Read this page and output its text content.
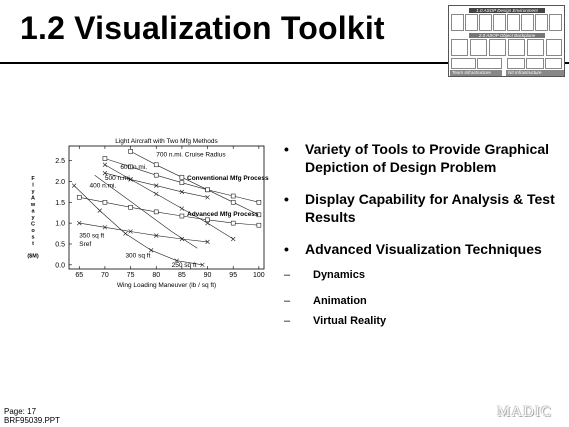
1.2 Visualization Toolkit	1.0 ASOP Design Environment
2.0 ASOP Object Backplane
Team Infrastructure	NII Infrastructure
Light Aircraft with Two Mfg Methods
65	70	75	80	85	90	95 100
0.0
0.5
1.0
1.5
2.0
2.5
Wing Loading Maneuver (lb / sq ft)
F
l
y
A
w
a
y
C
o
s
t
($M)
700 n.mi. Cruise Radius
600 n.mi.
500 n.mi.
400 n.mi.
Conventional Mfg Process
Advanced Mfg Process
350 sq ft
Sref
300 sq ft
250 sq ft
• Variety of Tools to Provide Graphical Depiction of Design Problem
• Display Capability for Analysis & Test Results
• Advanced Visualization Techniques
– Dynamics
– Animation
– Virtual Reality
Page: 17
BRF95039.PPT	MADIC
